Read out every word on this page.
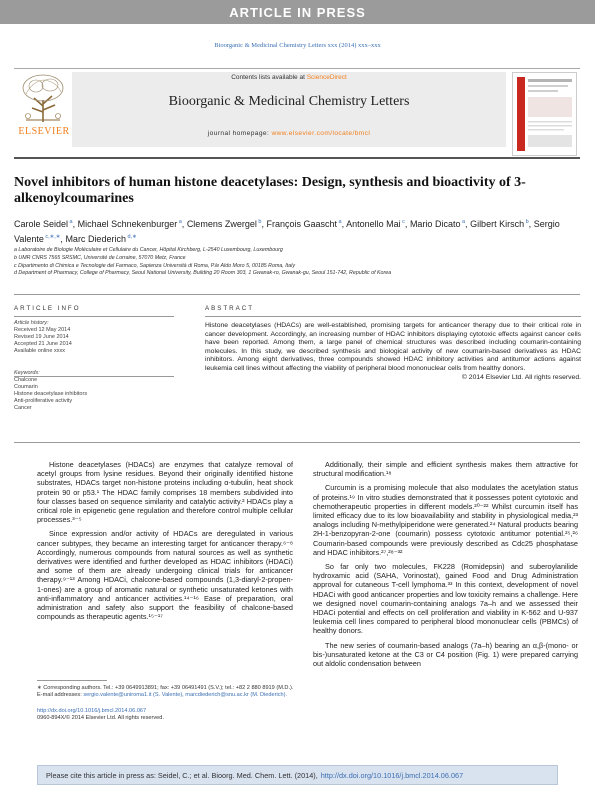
ARTICLE IN PRESS
Bioorganic & Medicinal Chemistry Letters xxx (2014) xxx–xxx
Contents lists available at ScienceDirect
Bioorganic & Medicinal Chemistry Letters
journal homepage: www.elsevier.com/locate/bmcl
ELSEVIER
Novel inhibitors of human histone deacetylases: Design, synthesis and bioactivity of 3-alkenoylcoumarines
Carole Seidel $^a$, Michael Schnekenburger $^a$, Clemens Zwergel $^b$, François Gaascht $^a$, Antonello Mai $^c$, Mario Dicato $^a$, Gilbert Kirsch $^b$, Sergio Valente $^{c,∗,∗}$, Marc Diederich $^{d,∗}$
a Laboratoire de Biologie Moléculaire et Cellulaire du Cancer, Hôpital Kirchberg, L-2540 Luxembourg, Luxembourg
b UMR CNRS 7565 SRSMC, Université de Lorraine, 57070 Metz, France
c Dipartimento di Chimica e Tecnologie del Farmaco, Sapienza Università di Roma, P.le Aldo Moro 5, 00185 Roma, Italy
d Department of Pharmacy, College of Pharmacy, Seoul National University, Building 20 Room 303, 1 Gwanak-ro, Gwanak-gu, Seoul 151-742, Republic of Korea
ARTICLE INFO	ABSTRACT
Article history:
Received 12 May 2014
Revised 19 June 2014
Accepted 21 June 2014
Available online xxxx
Keywords:
Chalcone
Coumarin
Histone deacetylase inhibitors
Anti-proliferative activity
Cancer
Histone deacetylases (HDACs) are well-established, promising targets for anticancer therapy due to their critical role in cancer development. Accordingly, an increasing number of HDAC inhibitors displaying cytotoxic effects against cancer cells have been reported. Among them, a large panel of chemical structures was described including coumarin-containing molecules. In this study, we described synthesis and biological activity of new coumarin-based derivatives as HDAC inhibitors. Among eight derivatives, three compounds showed HDAC inhibitory activities and antitumor actions against leukemia cell lines without affecting the viability of peripheral blood mononuclear cells from healthy donors.
© 2014 Elsevier Ltd. All rights reserved.

Histone deacetylases (HDACs) are enzymes that catalyze removal of acetyl groups from lysine residues. Beyond their originally identified histone substrates, HDACs target non-histone proteins including α-tubulin, heat shock protein 90 or p53.¹ The HDAC family comprises 18 members subdivided into four classes based on sequence similarity and catalytic activity.² HDACs play a critical role in epigenetic gene regulation and therefore control multiple cellular processes.³⁻⁵

Since expression and/or activity of HDACs are deregulated in various cancer subtypes, they became an interesting target for anticancer therapy.⁶⁻⁸ Accordingly, numerous compounds from natural sources as well as synthetic derivatives were identified and further developed as HDAC inhibitors (HDACi) and some of them are already undergoing clinical trials for anticancer therapy.⁹⁻¹³ Among HDACi, chalcone-based compounds (1,3-diaryl-2-propen-1-ones) are a group of aromatic natural or synthetic unsaturated ketones with anti-inflammatory and anticancer activities.¹⁴⁻¹⁶ Ease of preparation, oral administration and safety also support the feasibility of chalcone-based compounds as therapeutic agents.¹⁵⁻¹⁷

Additionally, their simple and efficient synthesis makes them attractive for structural modification.¹⁸

Curcumin is a promising molecule that also modulates the acetylation status of proteins.¹⁹ In vitro studies demonstrated that it possesses potent cytotoxic and chemotherapeutic properties in different models.²⁰⁻²² Whilst curcumin itself has limited efficacy due to its low bioavailability and stability in physiological media,²³ analogs including N-methylpiperidone were generated.²⁴ Natural products bearing 2H-1-benzopyran-2-one (coumarin) possess cytotoxic antitumor potential.²⁵,²⁶ Coumarin-based compounds were previously described as Cdc25 phosphatase and HDAC inhibitors.²⁷,²⁸⁻³²

So far only two molecules, FK228 (Romidepsin) and suberoylanilide hydroxamic acid (SAHA, Vorinostat), gained Food and Drug Administration approval for cutaneous T-cell lymphoma.³³ In this context, development of novel HDACi with good anticancer properties and low toxicity remains a challenge. Here we designed novel coumarin-containing analogs 7a–h and we assessed their HDACi potential and effects on cell proliferation and viability in K-562 and U-937 leukemia cell lines compared to peripheral blood mononuclear cells (PBMCs) of healthy donors.

The new series of coumarin-based analogs (7a–h) bearing an α,β-(mono- or bis-)unsaturated ketone at the C3 or C4 position (Fig. 1) were prepared carrying out aldolic condensation between

∗ Corresponding authors. Tel.: +39 0649913891; fax: +39 06491491 (S.V.); tel.: +82 2 880 8919 (M.D.).
E-mail addresses: sergio.valente@uniroma1.it (S. Valente), marcdiederich@snu.ac.kr (M. Diederich).
http://dx.doi.org/10.1016/j.bmcl.2014.06.067
0960-894X/© 2014 Elsevier Ltd. All rights reserved.
Please cite this article in press as: Seidel, C.; et al. Bioorg. Med. Chem. Lett. (2014), http://dx.doi.org/10.1016/j.bmcl.2014.06.067
